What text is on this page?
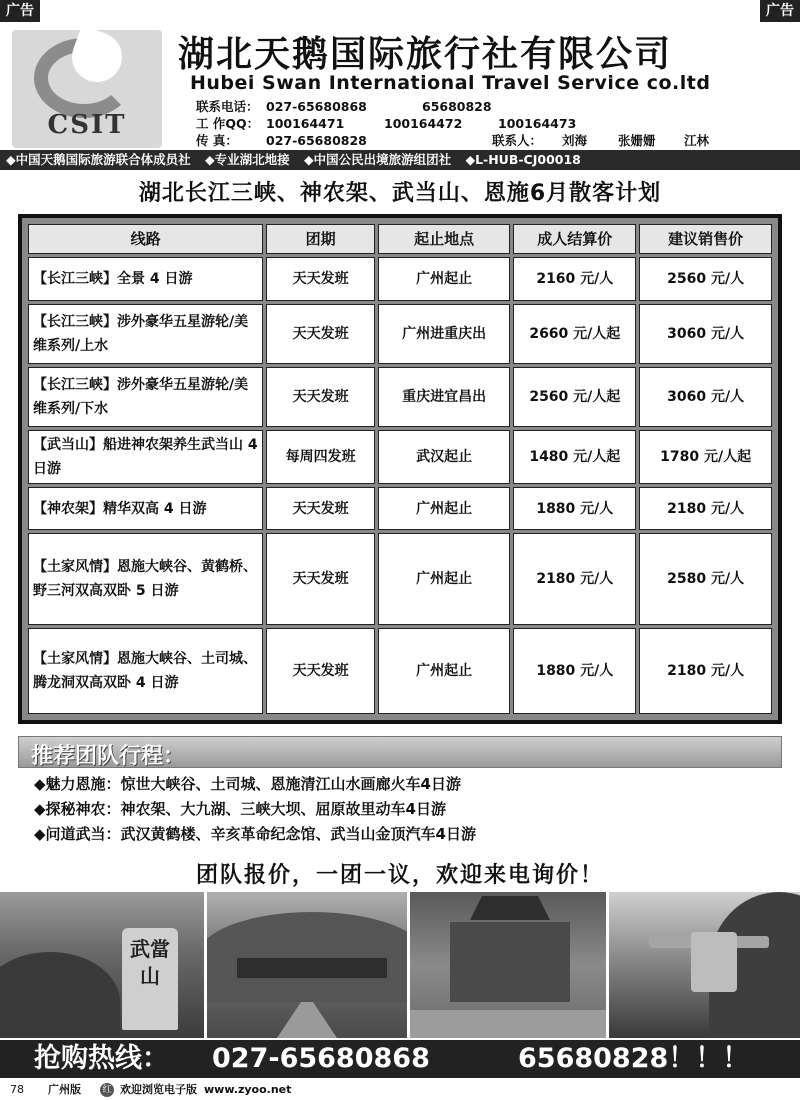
广告	广告
CSIT
湖北天鹅国际旅行社有限公司
Hubei Swan International Travel Service co.ltd
联系电话： 027-65680868	65680828
工 作QQ： 100164471	100164472	100164473
传 真： 027-65680828	联系人： 刘海 张姗姗 江林
◆中国天鹅国际旅游联合体成员社 ◆专业湖北地接 ◆中国公民出境旅游组团社 ◆L-HUB-CJ00018
湖北长江三峡、神农架、武当山、恩施6月散客计划
线路	团期	起止地点	成人结算价	建议销售价
【长江三峡】全景 4 日游	天天发班	广州起止	2160 元/人	2560 元/人
【长江三峡】涉外豪华五星游轮/美维系列/上水	天天发班	广州进重庆出	2660 元/人起	3060 元/人
【长江三峡】涉外豪华五星游轮/美维系列/下水	天天发班	重庆进宜昌出	2560 元/人起	3060 元/人
【武当山】船进神农架养生武当山 4 日游	每周四发班	武汉起止	1480 元/人起	1780 元/人起
【神农架】精华双高 4 日游	天天发班	广州起止	1880 元/人	2180 元/人
【土家风情】恩施大峡谷、黄鹤桥、野三河双高双卧 5 日游	天天发班	广州起止	2180 元/人	2580 元/人
【土家风情】恩施大峡谷、土司城、腾龙洞双高双卧 4 日游	天天发班	广州起止	1880 元/人	2180 元/人
推荐团队行程：
◆魅力恩施：惊世大峡谷、土司城、恩施清江山水画廊火车4日游
◆探秘神农：神农架、大九湖、三峡大坝、屈原故里动车4日游
◆问道武当：武汉黄鹤楼、辛亥革命纪念馆、武当山金顶汽车4日游
团队报价，一团一议，欢迎来电询价！
武當山
抢购热线： 027-65680868	65680828！！！
78 广州版 红 欢迎浏览电子版 www.zyoo.net
